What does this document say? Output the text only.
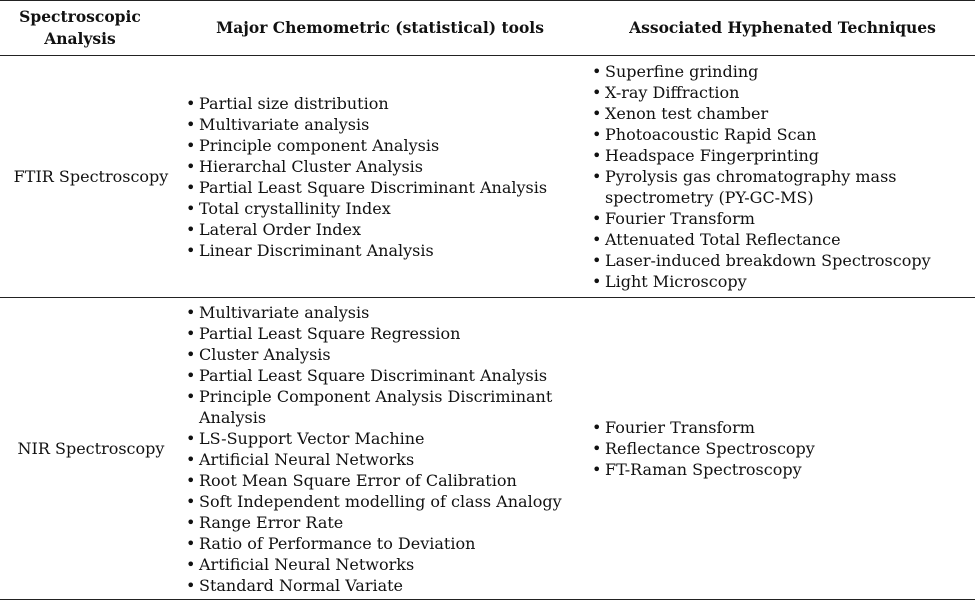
Spectroscopic Analysis
Major Chemometric (statistical) tools	Associated Hyphenated Techniques
FTIR Spectroscopy
• Partial size distribution
• Multivariate analysis
• Principle component Analysis
• Hierarchal Cluster Analysis
• Partial Least Square Discriminant Analysis
• Total crystallinity Index
• Lateral Order Index
• Linear Discriminant Analysis
• Superfine grinding
• X-ray Diffraction
• Xenon test chamber
• Photoacoustic Rapid Scan
• Headspace Fingerprinting
• Pyrolysis gas chromatography mass spectrometry (PY-GC-MS)
• Fourier Transform
• Attenuated Total Reflectance
• Laser-induced breakdown Spectroscopy
• Light Microscopy
NIR Spectroscopy
• Multivariate analysis
• Partial Least Square Regression
• Cluster Analysis
• Partial Least Square Discriminant Analysis
• Principle Component Analysis Discriminant Analysis
• LS-Support Vector Machine
• Artificial Neural Networks
• Root Mean Square Error of Calibration
• Soft Independent modelling of class Analogy
• Range Error Rate
• Ratio of Performance to Deviation
• Artificial Neural Networks
• Standard Normal Variate
• Fourier Transform
• Reflectance Spectroscopy
• FT-Raman Spectroscopy
